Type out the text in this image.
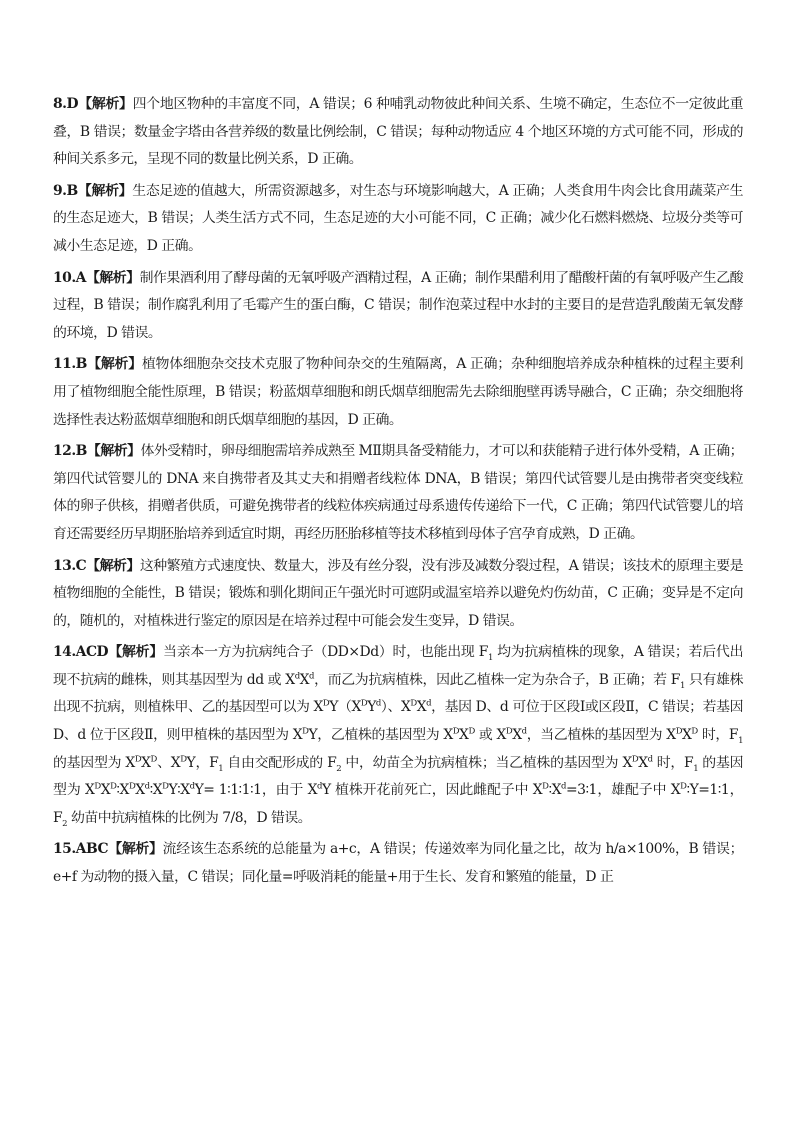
8.D【解析】四个地区物种的丰富度不同，A 错误；6 种哺乳动物彼此种间关系、生境不确定，生态位不一定彼此重叠，B 错误；数量金字塔由各营养级的数量比例绘制，C 错误；每种动物适应 4 个地区环境的方式可能不同，形成的种间关系多元，呈现不同的数量比例关系，D 正确。

9.B【解析】生态足迹的值越大，所需资源越多，对生态与环境影响越大，A 正确；人类食用牛肉会比食用蔬菜产生的生态足迹大，B 错误；人类生活方式不同，生态足迹的大小可能不同，C 正确；减少化石燃料燃烧、垃圾分类等可减小生态足迹，D 正确。

10.A【解析】制作果酒利用了酵母菌的无氧呼吸产酒精过程，A 正确；制作果醋利用了醋酸杆菌的有氧呼吸产生乙酸过程，B 错误；制作腐乳利用了毛霉产生的蛋白酶，C 错误；制作泡菜过程中水封的主要目的是营造乳酸菌无氧发酵的环境，D 错误。

11.B【解析】植物体细胞杂交技术克服了物种间杂交的生殖隔离，A 正确；杂种细胞培养成杂种植株的过程主要利用了植物细胞全能性原理，B 错误；粉蓝烟草细胞和朗氏烟草细胞需先去除细胞壁再诱导融合，C 正确；杂交细胞将选择性表达粉蓝烟草细胞和朗氏烟草细胞的基因，D 正确。

12.B【解析】体外受精时，卵母细胞需培养成熟至 MⅡ期具备受精能力，才可以和获能精子进行体外受精，A 正确；第四代试管婴儿的 DNA 来自携带者及其丈夫和捐赠者线粒体 DNA，B 错误；第四代试管婴儿是由携带者突变线粒体的卵子供核，捐赠者供质，可避免携带者的线粒体疾病通过母系遗传传递给下一代，C 正确；第四代试管婴儿的培育还需要经历早期胚胎培养到适宜时期，再经历胚胎移植等技术移植到母体子宫孕育成熟，D 正确。

13.C【解析】这种繁殖方式速度快、数量大，涉及有丝分裂，没有涉及减数分裂过程，A 错误；该技术的原理主要是植物细胞的全能性，B 错误；锻炼和驯化期间正午强光时可遮阴或温室培养以避免灼伤幼苗，C 正确；变异是不定向的，随机的，对植株进行鉴定的原因是在培养过程中可能会发生变异，D 错误。

14.ACD【解析】当亲本一方为抗病纯合子（DD×Dd）时，也能出现 $F_1$ 均为抗病植株的现象，A 错误；若后代出现不抗病的雌株，则其基因型为 dd 或 $X^dX^d$，而乙为抗病植株，因此乙植株一定为杂合子，B 正确；若 $F_1$ 只有雄株出现不抗病，则植株甲、乙的基因型可以为 $X^DY(X^DY^d)$、$X^DX^d$，基因 D、d 可位于区段Ⅰ或区段Ⅱ，C 错误；若基因 D、d 位于区段Ⅱ，则甲植株的基因型为 $X^DY$，乙植株的基因型为 $X^DX^D$ 或 $X^DX^d$，当乙植株的基因型为 $X^DX^D$ 时，$F_1$ 的基因型为 $X^DX^D$、$X^DY$，$F_1$ 自由交配形成的 $F_2$ 中，幼苗全为抗病植株；当乙植株的基因型为 $X^DX^d$ 时，$F_1$ 的基因型为 $X^DX^D∶X^DX^d∶X^DY∶X^dY=$ 1∶1∶1∶1，由于 $X^dY$ 植株开花前死亡，因此雌配子中 $X^D∶X^d=3∶1$，雄配子中 $X^D∶Y=1∶1$， $F_2$ 幼苗中抗病植株的比例为 7/8，D 错误。

15.ABC【解析】流经该生态系统的总能量为 a+c，A 错误；传递效率为同化量之比，故为 h/a×100%，B 错误；e+f 为动物的摄入量，C 错误；同化量=呼吸消耗的能量+用于生长、发育和繁殖的能量，D 正
